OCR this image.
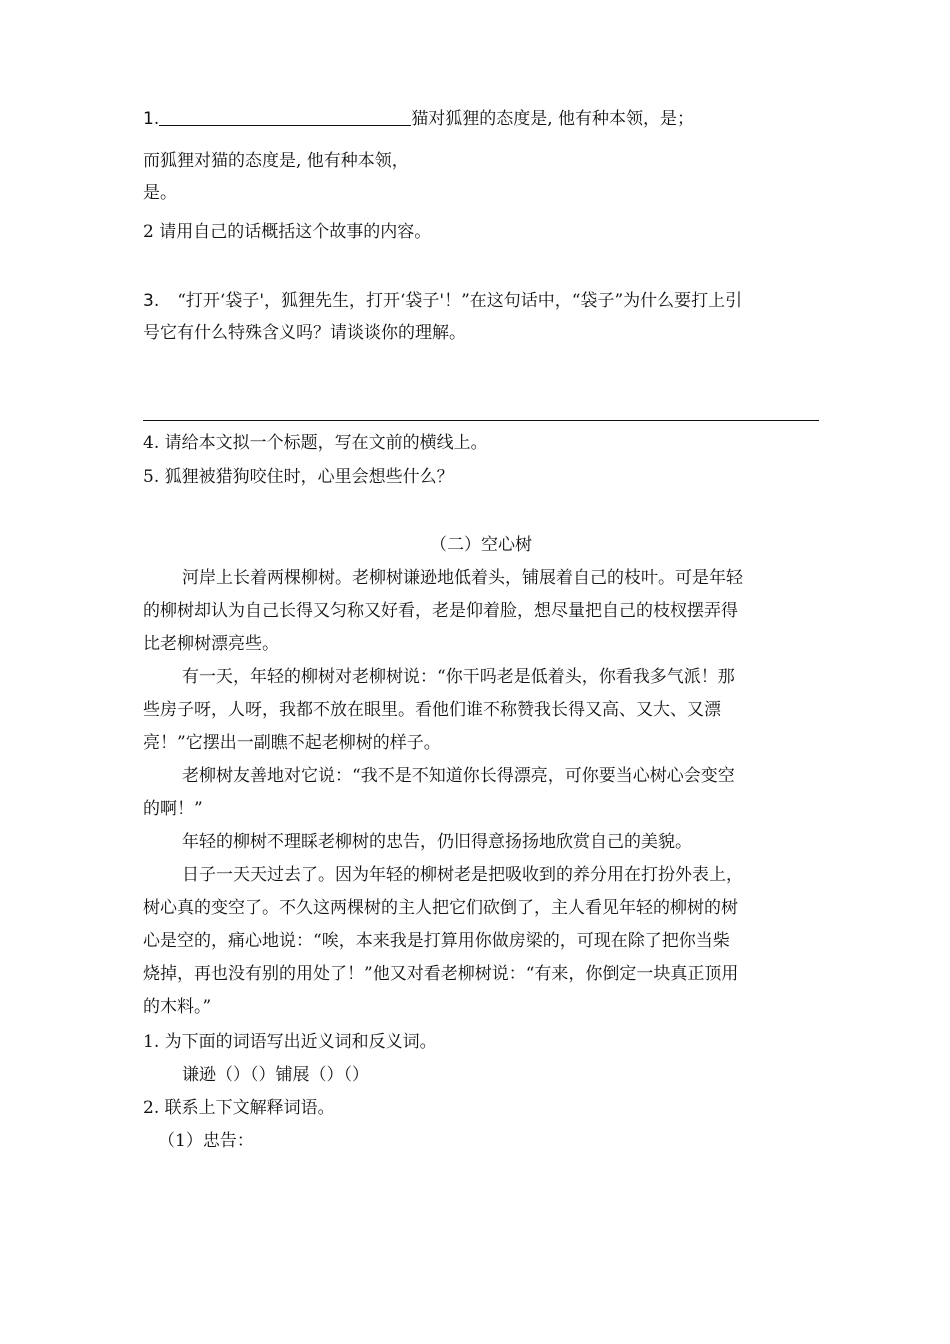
1.	猫对狐狸的态度是, 他有种本领，是；
而狐狸对猫的态度是, 他有种本领，
是。
2 请用自己的话概括这个故事的内容。
3. “打开‘袋子'，狐狸先生，打开‘袋子'！”在这句话中，“袋子”为什么要打上引
号它有什么特殊含义吗？请谈谈你的理解。
4. 请给本文拟一个标题，写在文前的横线上。
5. 狐狸被猎狗咬住时，心里会想些什么？
（二）空心树
河岸上长着两棵柳树。老柳树谦逊地低着头，铺展着自己的枝叶。可是年轻
的柳树却认为自己长得又匀称又好看，老是仰着脸，想尽量把自己的枝杈摆弄得
比老柳树漂亮些。
有一天，年轻的柳树对老柳树说：“你干吗老是低着头，你看我多气派！那
些房子呀，人呀，我都不放在眼里。看他们谁不称赞我长得又高、又大、又漂
亮！”它摆出一副瞧不起老柳树的样子。
老柳树友善地对它说：“我不是不知道你长得漂亮，可你要当心树心会变空
的啊！”
年轻的柳树不理睬老柳树的忠告，仍旧得意扬扬地欣赏自己的美貌。
日子一天天过去了。因为年轻的柳树老是把吸收到的养分用在打扮外表上，
树心真的变空了。不久这两棵树的主人把它们砍倒了，主人看见年轻的柳树的树
心是空的，痛心地说：“唉，本来我是打算用你做房梁的，可现在除了把你当柴
烧掉，再也没有别的用处了！”他又对看老柳树说：“有来，你倒定一块真正顶用
的木料。”
1. 为下面的词语写出近义词和反义词。
谦逊（）（）铺展（）（）
2. 联系上下文解释词语。
（1）忠告：
